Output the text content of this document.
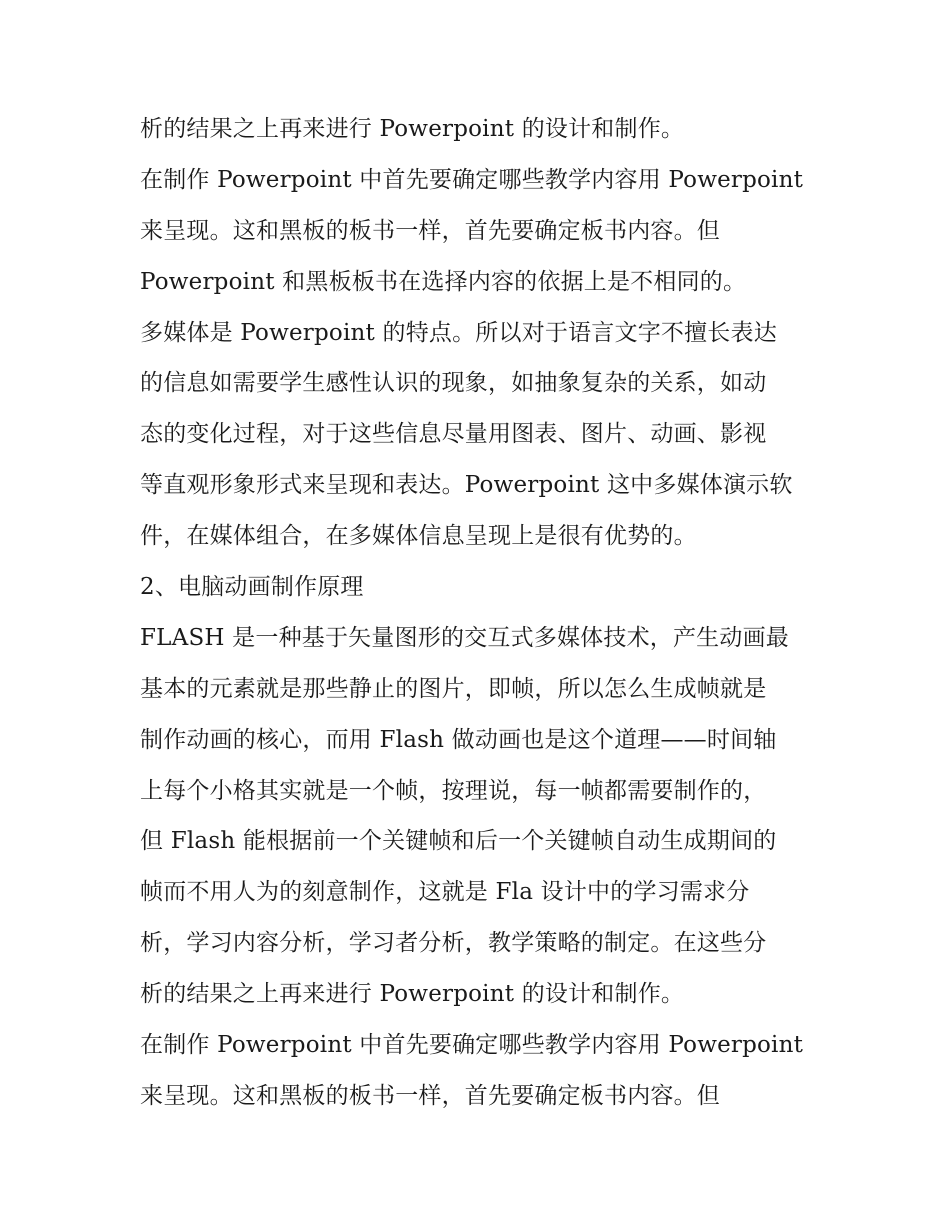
析的结果之上再来进行 Powerpoint 的设计和制作。
在制作 Powerpoint 中首先要确定哪些教学内容用 Powerpoint
来呈现。这和黑板的板书一样，首先要确定板书内容。但
Powerpoint 和黑板板书在选择内容的依据上是不相同的。
多媒体是 Powerpoint 的特点。所以对于语言文字不擅长表达
的信息如需要学生感性认识的现象，如抽象复杂的关系，如动
态的变化过程，对于这些信息尽量用图表、图片、动画、影视
等直观形象形式来呈现和表达。Powerpoint 这中多媒体演示软
件，在媒体组合，在多媒体信息呈现上是很有优势的。
2、电脑动画制作原理
FLASH 是一种基于矢量图形的交互式多媒体技术，产生动画最
基本的元素就是那些静止的图片，即帧，所以怎么生成帧就是
制作动画的核心，而用 Flash 做动画也是这个道理——时间轴
上每个小格其实就是一个帧，按理说，每一帧都需要制作的，
但 Flash 能根据前一个关键帧和后一个关键帧自动生成期间的
帧而不用人为的刻意制作，这就是 Fla 设计中的学习需求分
析，学习内容分析，学习者分析，教学策略的制定。在这些分
析的结果之上再来进行 Powerpoint 的设计和制作。
在制作 Powerpoint 中首先要确定哪些教学内容用 Powerpoint
来呈现。这和黑板的板书一样，首先要确定板书内容。但
